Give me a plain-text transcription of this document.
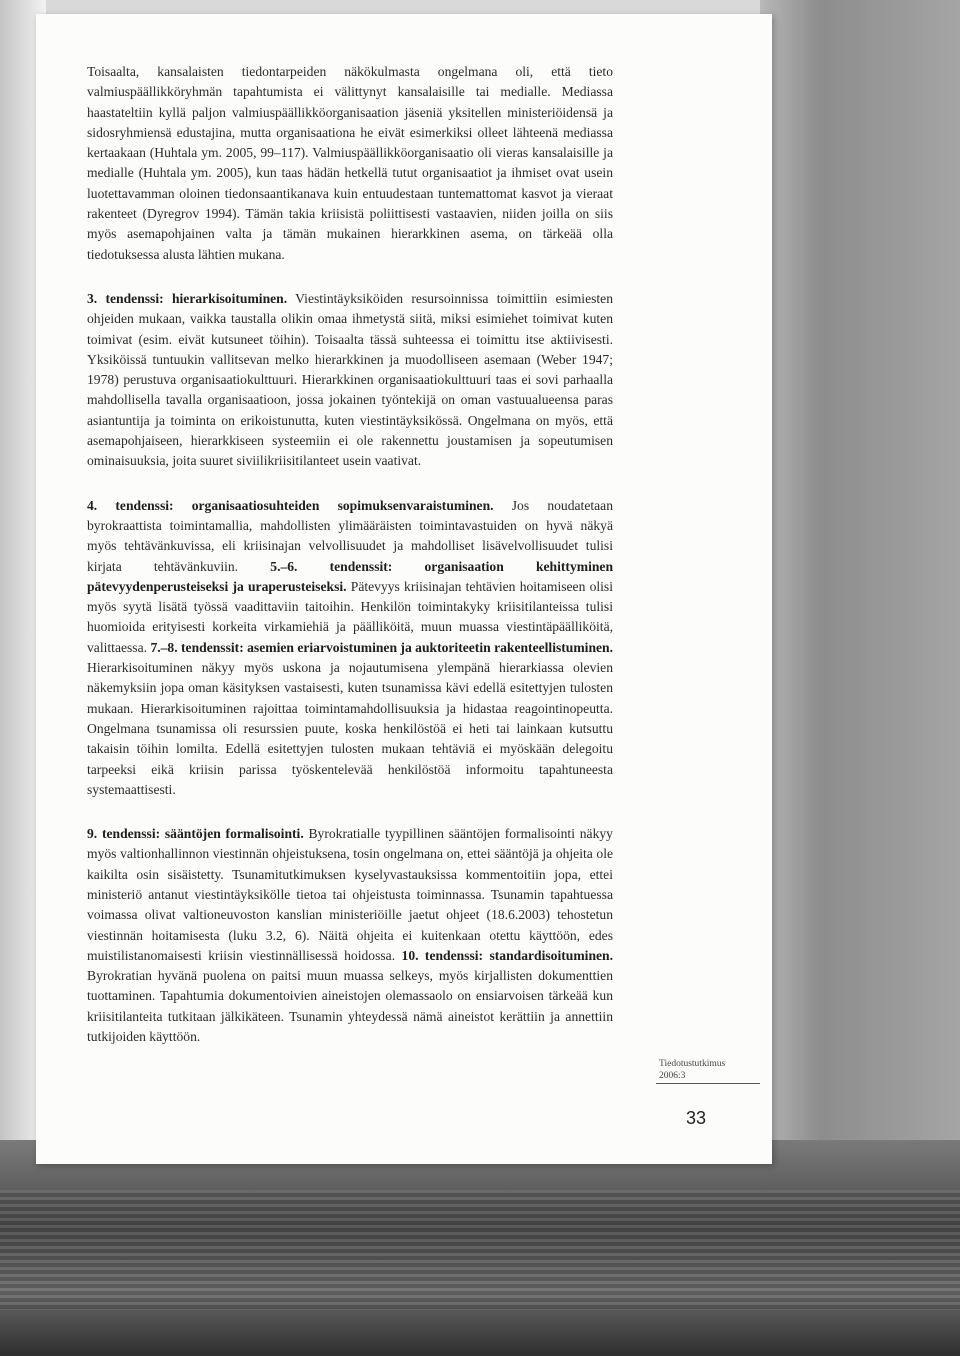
Toisaalta, kansalaisten tiedontarpeiden näkökulmasta ongelmana oli, että tieto valmiuspäällikköryhmän tapahtumista ei välittynyt kansalaisille tai medialle. Mediassa haastateltiin kyllä paljon valmiuspäällikköorganisaation jäseniä yksitellen ministeriöidensä ja sidosryhmiensä edustajina, mutta organisaationa he eivät esimerkiksi olleet lähteenä mediassa kertaakaan (Huhtala ym. 2005, 99–117). Valmiuspäällikköorganisaatio oli vieras kansalaisille ja medialle (Huhtala ym. 2005), kun taas hädän hetkellä tutut organisaatiot ja ihmiset ovat usein luotettavamman oloinen tiedonsaantikanava kuin entuudestaan tuntemattomat kasvot ja vieraat rakenteet (Dyregrov 1994). Tämän takia kriisistä poliittisesti vastaavien, niiden joilla on siis myös asemapohjainen valta ja tämän mukainen hierarkkinen asema, on tärkeää olla tiedotuksessa alusta lähtien mukana.

3. tendenssi: hierarkisoituminen. Viestintäyksiköiden resursoinnissa toimittiin esimiesten ohjeiden mukaan, vaikka taustalla olikin omaa ihmetystä siitä, miksi esimiehet toimivat kuten toimivat (esim. eivät kutsuneet töihin). Toisaalta tässä suhteessa ei toimittu itse aktiivisesti. Yksiköissä tuntuukin vallitsevan melko hierarkkinen ja muodolliseen asemaan (Weber 1947; 1978) perustuva organisaatiokulttuuri. Hierarkkinen organisaatiokulttuuri taas ei sovi parhaalla mahdollisella tavalla organisaatioon, jossa jokainen työntekijä on oman vastuualueensa paras asiantuntija ja toiminta on erikoistunutta, kuten viestintäyksikössä. Ongelmana on myös, että asemapohjaiseen, hierarkkiseen systeemiin ei ole rakennettu joustamisen ja sopeutumisen ominaisuuksia, joita suuret siviilikriisitilanteet usein vaativat.

4. tendenssi: organisaatiosuhteiden sopimuksenvaraistuminen. Jos noudatetaan byrokraattista toimintamallia, mahdollisten ylimääräisten toimintavastuiden on hyvä näkyä myös tehtävänkuvissa, eli kriisinajan velvollisuudet ja mahdolliset lisävelvollisuudet tulisi kirjata tehtävänkuviin. 5.–6. tendenssit: organisaation kehittyminen pätevyydenperusteiseksi ja uraperusteiseksi. Pätevyys kriisinajan tehtävien hoitamiseen olisi myös syytä lisätä työssä vaadittaviin taitoihin. Henkilön toimintakyky kriisitilanteissa tulisi huomioida erityisesti korkeita virkamiehiä ja päälliköitä, muun muassa viestintäpäälliköitä, valittaessa. 7.–8. tendenssit: asemien eriarvoistuminen ja auktoriteetin rakenteellistuminen. Hierarkisoituminen näkyy myös uskona ja nojautumisena ylempänä hierarkiassa olevien näkemyksiin jopa oman käsityksen vastaisesti, kuten tsunamissa kävi edellä esitettyjen tulosten mukaan. Hierarkisoituminen rajoittaa toimintamahdollisuuksia ja hidastaa reagointinopeutta. Ongelmana tsunamissa oli resurssien puute, koska henkilöstöä ei heti tai lainkaan kutsuttu takaisin töihin lomilta. Edellä esitettyjen tulosten mukaan tehtäviä ei myöskään delegoitu tarpeeksi eikä kriisin parissa työskentelevää henkilöstöä informoitu tapahtuneesta systemaattisesti.

9. tendenssi: sääntöjen formalisointi. Byrokratialle tyypillinen sääntöjen formalisointi näkyy myös valtionhallinnon viestinnän ohjeistuksena, tosin ongelmana on, ettei sääntöjä ja ohjeita ole kaikilta osin sisäistetty. Tsunamitutkimuksen kyselyvastauksissa kommentoitiin jopa, ettei ministeriö antanut viestintäyksikölle tietoa tai ohjeistusta toiminnassa. Tsunamin tapahtuessa voimassa olivat valtioneuvoston kanslian ministeriöille jaetut ohjeet (18.6.2003) tehostetun viestinnän hoitamisesta (luku 3.2, 6). Näitä ohjeita ei kuitenkaan otettu käyttöön, edes muistilistanomaisesti kriisin viestinnällisessä hoidossa. 10. tendenssi: standardisoituminen. Byrokratian hyvänä puolena on paitsi muun muassa selkeys, myös kirjallisten dokumenttien tuottaminen. Tapahtumia dokumentoivien aineistojen olemassaolo on ensiarvoisen tärkeää kun kriisitilanteita tutkitaan jälkikäteen. Tsunamin yhteydessä nämä aineistot kerättiin ja annettiin tutkijoiden käyttöön.

Tiedotustutkimus
2006:3
33
